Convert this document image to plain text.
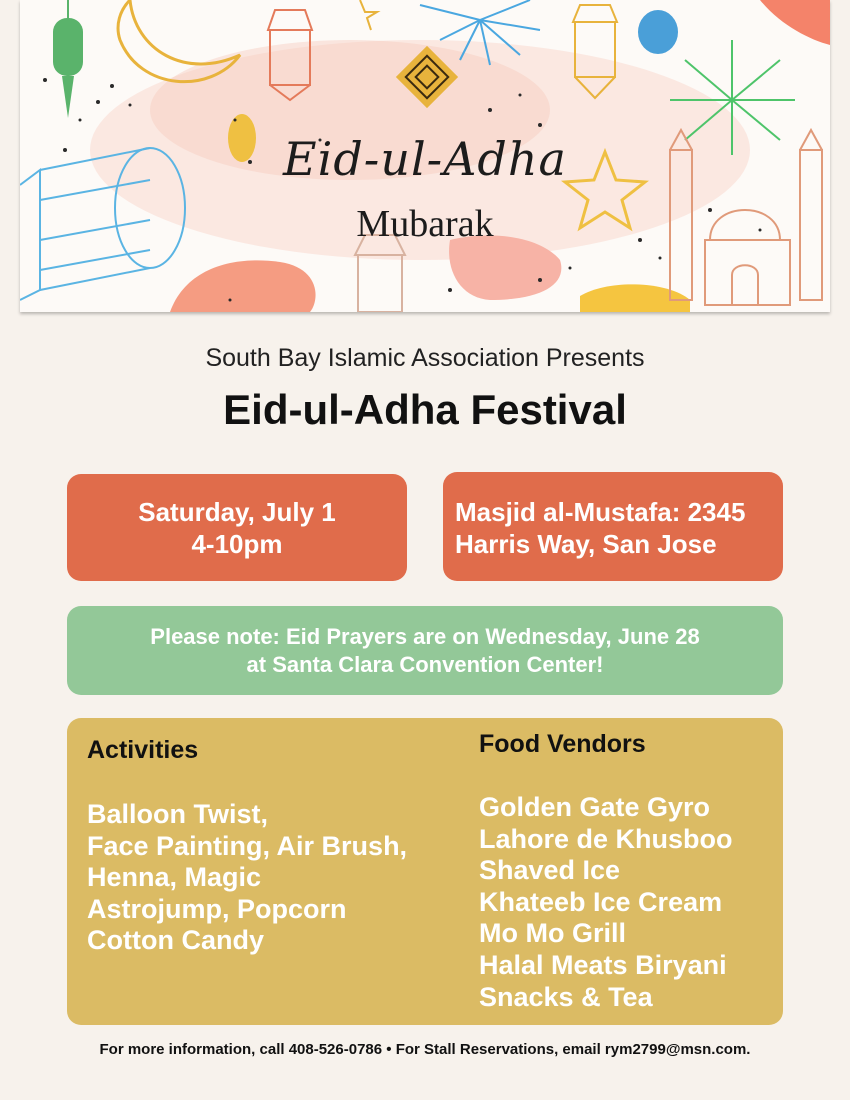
Eid-ul-Adha
Mubarak
South Bay Islamic Association Presents
Eid-ul-Adha Festival
Saturday, July 1
4-10pm
Masjid al-Mustafa: 2345
Harris Way, San Jose
Please note: Eid Prayers are on Wednesday, June 28
at Santa Clara Convention Center!
Activities
Balloon Twist,
Face Painting, Air Brush,
Henna, Magic
Astrojump, Popcorn
Cotton Candy
Food Vendors
Golden Gate Gyro
Lahore de Khusboo
Shaved Ice
Khateeb Ice Cream
Mo Mo Grill
Halal Meats Biryani
Snacks & Tea
For more information, call 408-526-0786 • For Stall Reservations, email rym2799@msn.com.
